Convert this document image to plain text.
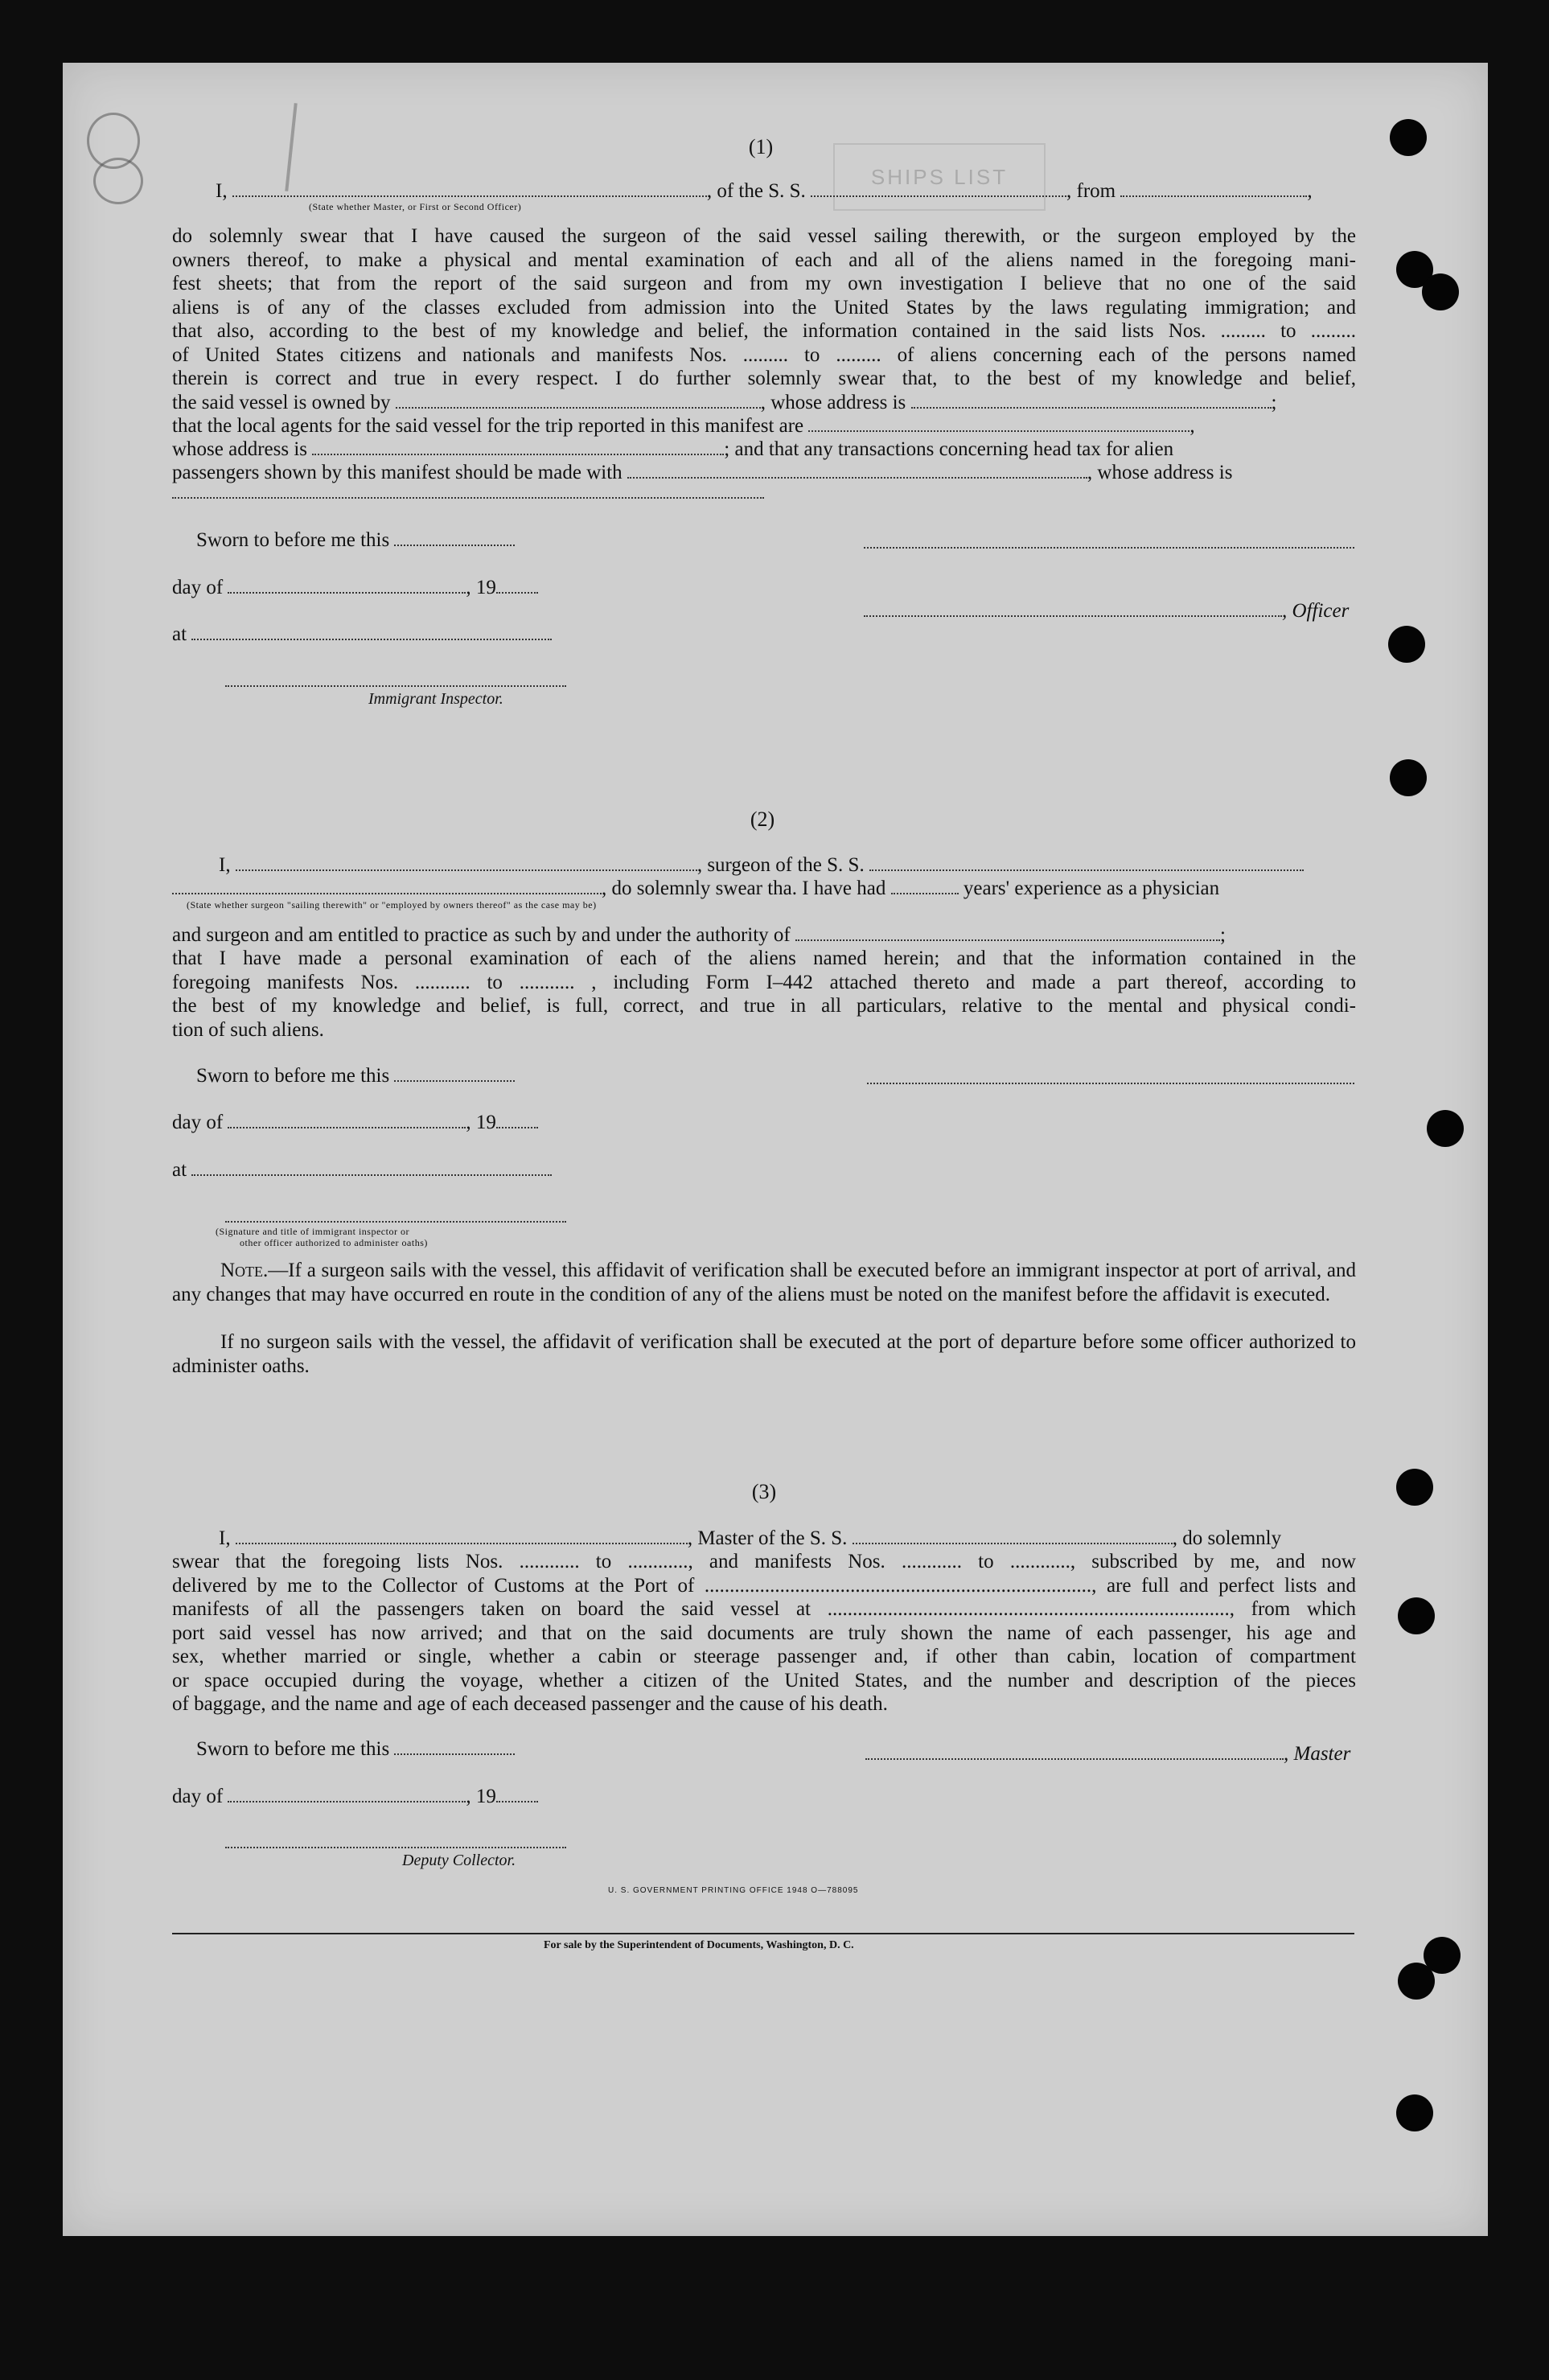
SHIPS LIST
(1)
I,	, of the S. S.	, from	,
(State whether Master, or First or Second Officer)
do solemnly swear that I have caused the surgeon of the said vessel sailing therewith, or the surgeon employed by the
owners thereof, to make a physical and mental examination of each and all of the aliens named in the foregoing mani-
fest sheets; that from the report of the said surgeon and from my own investigation I believe that no one of the said
aliens is of any of the classes excluded from admission into the United States by the laws regulating immigration; and
that also, according to the best of my knowledge and belief, the information contained in the said lists Nos. ......... to .........
of United States citizens and nationals and manifests Nos. ......... to ......... of aliens concerning each of the persons named
therein is correct and true in every respect. I do further solemnly swear that, to the best of my knowledge and belief,
the said vessel is owned by	, whose address is	;
that the local agents for the said vessel for the trip reported in this manifest are	,
whose address is	; and that any transactions concerning head tax for alien
passengers shown by this manifest should be made with	, whose address is
Sworn to before me this
day of	, 19
, Officer
at
Immigrant Inspector.
(2)
I,	, surgeon of the S. S.
, do solemnly swear tha. I have had	years' experience as a physician
(State whether surgeon "sailing therewith" or "employed by owners thereof" as the case may be)
and surgeon and am entitled to practice as such by and under the authority of	;
that I have made a personal examination of each of the aliens named herein; and that the information contained in the
foregoing manifests Nos. ........... to ........... , including Form I–442 attached thereto and made a part thereof, according to
the best of my knowledge and belief, is full, correct, and true in all particulars, relative to the mental and physical condi-
tion of such aliens.
Sworn to before me this
day of	, 19
at
(Signature and title of immigrant inspector or
other officer authorized to administer oaths)
Note.—If a surgeon sails with the vessel, this affidavit of verification shall be executed before an immigrant inspector at port of arrival, and any changes that may have occurred en route in the condition of any of the aliens must be noted on the manifest before the affidavit is executed.
If no surgeon sails with the vessel, the affidavit of verification shall be executed at the port of departure before some officer authorized to administer oaths.
(3)
I,	, Master of the S. S.	, do solemnly
swear that the foregoing lists Nos. ............ to ............, and manifests Nos. ............ to ............, subscribed by me, and now
delivered by me to the Collector of Customs at the Port of ............................................................................., are full and perfect lists and
manifests of all the passengers taken on board the said vessel at ................................................................................, from which
port said vessel has now arrived; and that on the said documents are truly shown the name of each passenger, his age and
sex, whether married or single, whether a cabin or steerage passenger and, if other than cabin, location of compartment
or space occupied during the voyage, whether a citizen of the United States, and the number and description of the pieces
of baggage, and the name and age of each deceased passenger and the cause of his death.
Sworn to before me this	, Master
day of	, 19
Deputy Collector.
U. S. GOVERNMENT PRINTING OFFICE 1948 O—788095
For sale by the Superintendent of Documents, Washington, D. C.
